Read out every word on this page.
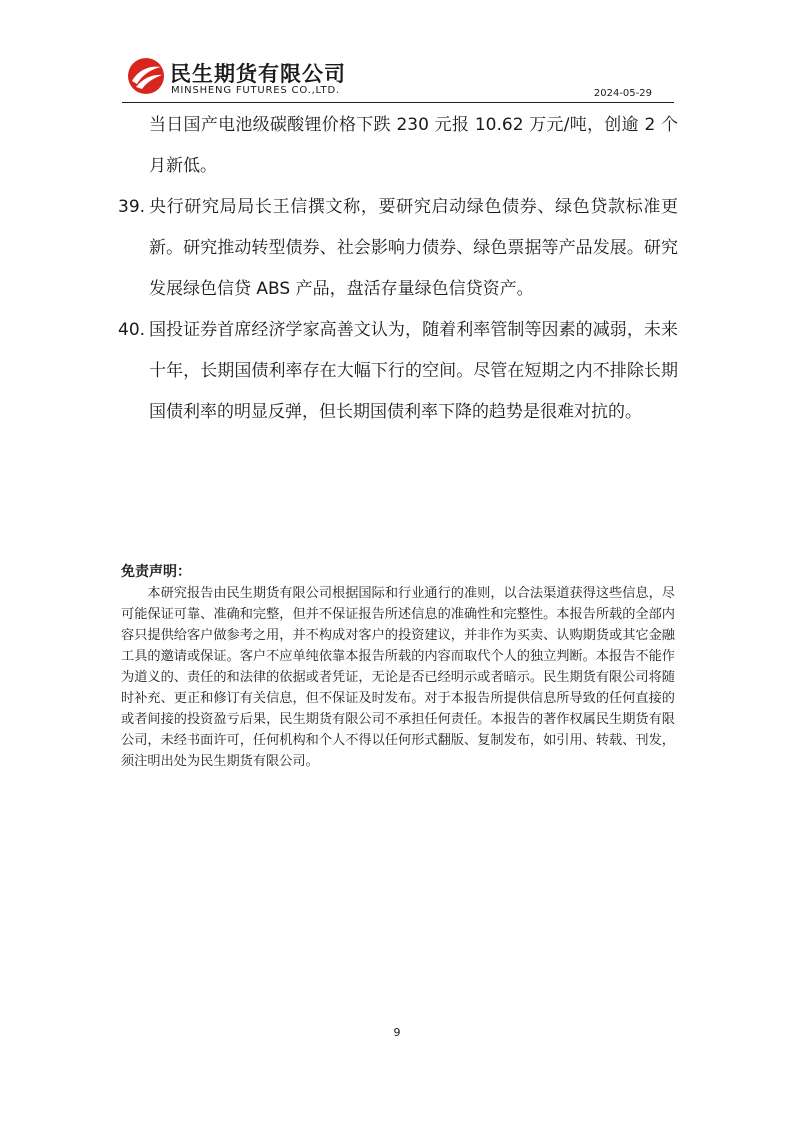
民生期货有限公司
MINSHENG FUTURES CO.,LTD.	2024-05-29
当日国产电池级碳酸锂价格下跌 230 元报 10.62 万元/吨，创逾 2 个月新低。
39. 央行研究局局长王信撰文称，要研究启动绿色债券、绿色贷款标准更新。研究推动转型债券、社会影响力债券、绿色票据等产品发展。研究发展绿色信贷 ABS 产品，盘活存量绿色信贷资产。
40. 国投证券首席经济学家高善文认为，随着利率管制等因素的减弱，未来十年，长期国债利率存在大幅下行的空间。尽管在短期之内不排除长期国债利率的明显反弹，但长期国债利率下降的趋势是很难对抗的。
免责声明：
本研究报告由民生期货有限公司根据国际和行业通行的准则，以合法渠道获得这些信息，尽可能保证可靠、准确和完整，但并不保证报告所述信息的准确性和完整性。本报告所载的全部内容只提供给客户做参考之用，并不构成对客户的投资建议，并非作为买卖、认购期货或其它金融工具的邀请或保证。客户不应单纯依靠本报告所载的内容而取代个人的独立判断。本报告不能作为道义的、责任的和法律的依据或者凭证，无论是否已经明示或者暗示。民生期货有限公司将随时补充、更正和修订有关信息，但不保证及时发布。对于本报告所提供信息所导致的任何直接的或者间接的投资盈亏后果，民生期货有限公司不承担任何责任。本报告的著作权属民生期货有限公司，未经书面许可，任何机构和个人不得以任何形式翻版、复制发布，如引用、转载、刊发，须注明出处为民生期货有限公司。
9
